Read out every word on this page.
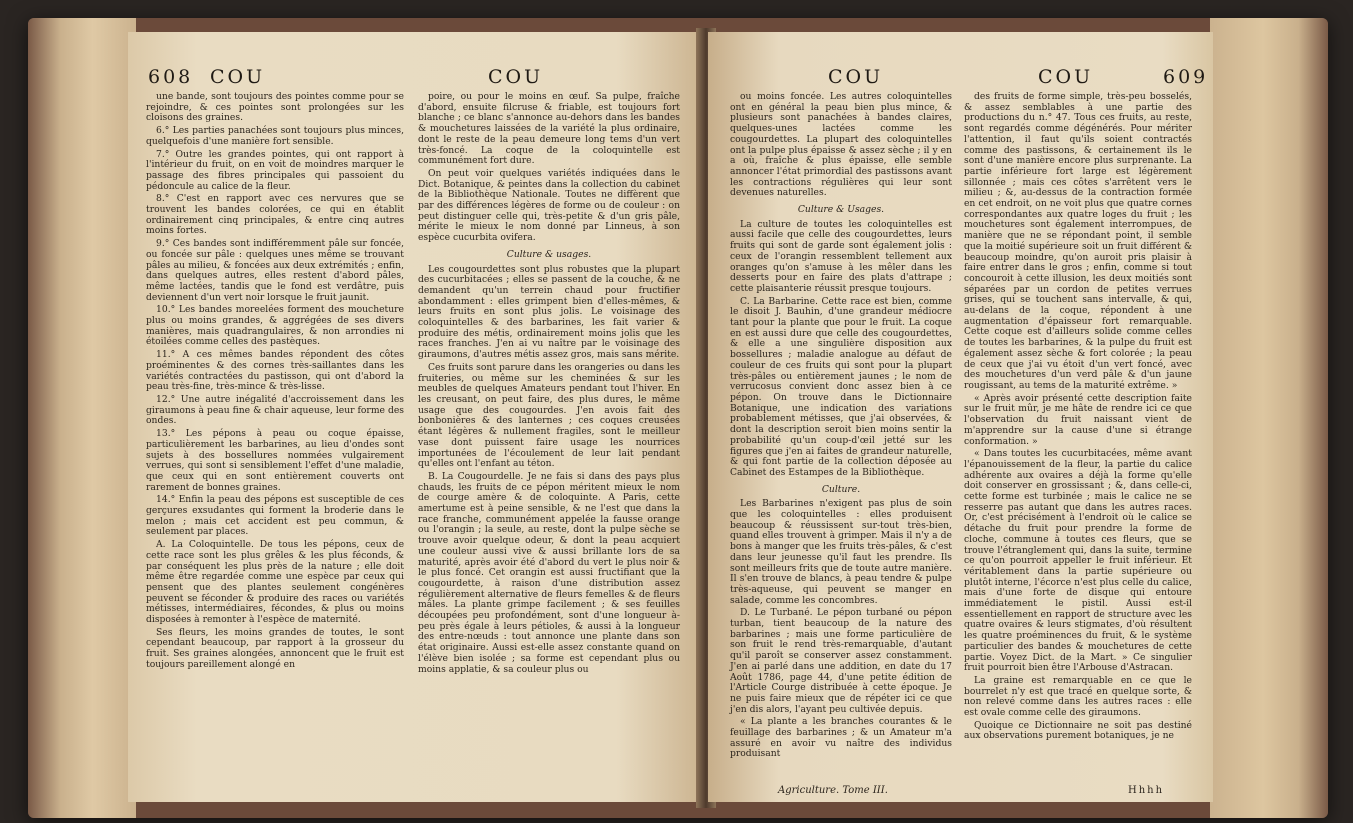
608 COU	COU

une bande, sont toujours des pointes comme pour se rejoindre, & ces pointes sont prolongées sur les cloisons des graines.

6.° Les parties panachées sont toujours plus minces, quelquefois d'une manière fort sensible.

7.° Outre les grandes pointes, qui ont rapport à l'intérieur du fruit, on en voit de moindres marquer le passage des fibres principales qui passoient du pédoncule au calice de la fleur.

8.° C'est en rapport avec ces nervures que se trouvent les bandes colorées, ce qui en établit ordinairement cinq principales, & entre cinq autres moins fortes.

9.° Ces bandes sont indifféremment pâle sur foncée, ou foncée sur pâle : quelques unes même se trouvant pâles au milieu, & foncées aux deux extrémités ; enfin, dans quelques autres, elles restent d'abord pâles, même lactées, tandis que le fond est verdâtre, puis deviennent d'un vert noir lorsque le fruit jaunit.

10.° Les bandes moreelées forment des moucheture plus ou moins grandes, & aggrégées de ses divers manières, mais quadrangulaires, & non arrondies ni étoilées comme celles des pastèques.

11.° A ces mêmes bandes répondent des côtes proéminentes & des cornes très-saillantes dans les variétés contractées du pastisson, qui ont d'abord la peau très-fine, très-mince & très-lisse.

12.° Une autre inégalité d'accroissement dans les giraumons à peau fine & chair aqueuse, leur forme des ondes.

13.° Les pépons à peau ou coque épaisse, particulièrement les barbarines, au lieu d'ondes sont sujets à des bossellures nommées vulgairement verrues, qui sont si sensiblement l'effet d'une maladie, que ceux qui en sont entièrement couverts ont rarement de bonnes graines.

14.° Enfin la peau des pépons est susceptible de ces gerçures exsudantes qui forment la broderie dans le melon ; mais cet accident est peu commun, & seulement par places.

A. La Coloquintelle. De tous les pépons, ceux de cette race sont les plus grêles & les plus féconds, & par conséquent les plus près de la nature ; elle doit même être regardée comme une espèce par ceux qui pensent que des plantes seulement congénères peuvent se féconder & produire des races ou variétés métisses, intermédiaires, fécondes, & plus ou moins disposées à remonter à l'espèce de maternité.

Ses fleurs, les moins grandes de toutes, le sont cependant beaucoup, par rapport à la grosseur du fruit. Ses graines alongées, annoncent que le fruit est toujours pareillement alongé en

poire, ou pour le moins en œuf. Sa pulpe, fraîche d'abord, ensuite filcruse & friable, est toujours fort blanche ; ce blanc s'annonce au-dehors dans les bandes & mouchetures laissées de la variété la plus ordinaire, dont le reste de la peau demeure long tems d'un vert très-foncé. La coque de la coloquintelle est communément fort dure.

On peut voir quelques variétés indiquées dans le Dict. Botanique, & peintes dans la collection du cabinet de la Bibliothèque Nationale. Toutes ne diffèrent que par des différences légères de forme ou de couleur : on peut distinguer celle qui, très-petite & d'un gris pâle, mérite le mieux le nom donné par Linneus, à son espèce cucurbita ovifera.

Culture & usages.

Les cougourdettes sont plus robustes que la plupart des cucurbitacées ; elles se passent de la couche, & ne demandent qu'un terrein chaud pour fructifier abondamment : elles grimpent bien d'elles-mêmes, & leurs fruits en sont plus jolis. Le voisinage des coloquintelles & des barbarines, les fait varier & produire des métis, ordinairement moins jolis que les races franches. J'en ai vu naître par le voisinage des giraumons, d'autres métis assez gros, mais sans mérite.

Ces fruits sont parure dans les orangeries ou dans les fruiteries, ou même sur les cheminées & sur les meubles de quelques Amateurs pendant tout l'hiver. En les creusant, on peut faire, des plus dures, le même usage que des cougourdes. J'en avois fait des bonbonières & des lanternes ; ces coques creusées étant légères & nullement fragiles, sont le meilleur vase dont puissent faire usage les nourrices importunées de l'écoulement de leur lait pendant qu'elles ont l'enfant au téton.

B. La Cougourdelle. Je ne fais si dans des pays plus chauds, les fruits de ce pépon méritent mieux le nom de courge amère & de coloquinte. A Paris, cette amertume est à peine sensible, & ne l'est que dans la race franche, communément appelée la fausse orange ou l'orangin ; la seule, au reste, dont la pulpe sèche se trouve avoir quelque odeur, & dont la peau acquiert une couleur aussi vive & aussi brillante lors de sa maturité, après avoir été d'abord du vert le plus noir & le plus foncé. Cet orangin est aussi fructifiant que la cougourdette, à raison d'une distribution assez régulièrement alternative de fleurs femelles & de fleurs mâles. La plante grimpe facilement ; & ses feuilles découpées peu profondément, sont d'une longueur à-peu près égale à leurs pétioles, & aussi à la longueur des entre-nœuds : tout annonce une plante dans son état originaire. Aussi est-elle assez constante quand on l'élève bien isolée ; sa forme est cependant plus ou moins applatie, & sa couleur plus ou

COU	COU	609

ou moins foncée. Les autres coloquintelles ont en général la peau bien plus mince, & plusieurs sont panachées à bandes claires, quelques-unes lactées comme les cougourdettes. La plupart des coloquintelles ont la pulpe plus épaisse & assez sèche ; il y en a où, fraîche & plus épaisse, elle semble annoncer l'état primordial des pastissons avant les contractions régulières qui leur sont devenues naturelles.

Culture & Usages.

La culture de toutes les coloquintelles est aussi facile que celle des cougourdettes, leurs fruits qui sont de garde sont également jolis : ceux de l'orangin ressemblent tellement aux oranges qu'on s'amuse à les mêler dans les desserts pour en faire des plats d'attrape ; cette plaisanterie réussit presque toujours.

C. La Barbarine. Cette race est bien, comme le disoit J. Bauhin, d'une grandeur médiocre tant pour la plante que pour le fruit. La coque en est aussi dure que celle des cougourdettes, & elle a une singulière disposition aux bossellures ; maladie analogue au défaut de couleur de ces fruits qui sont pour la plupart très-pâles ou entièrement jaunes ; le nom de verrucosus convient donc assez bien à ce pépon. On trouve dans le Dictionnaire Botanique, une indication des variations probablement métisses, que j'ai observées, & dont la description seroit bien moins sentir la probabilité qu'un coup-d'œil jetté sur les figures que j'en ai faites de grandeur naturelle, & qui font partie de la collection déposée au Cabinet des Estampes de la Bibliothèque.

Culture.

Les Barbarines n'exigent pas plus de soin que les coloquintelles : elles produisent beaucoup & réussissent sur-tout très-bien, quand elles trouvent à grimper. Mais il n'y a de bons à manger que les fruits très-pâles, & c'est dans leur jeunesse qu'il faut les prendre. Ils sont meilleurs frits que de toute autre manière. Il s'en trouve de blancs, à peau tendre & pulpe très-aqueuse, qui peuvent se manger en salade, comme les concombres.

D. Le Turbané. Le pépon turbané ou pépon turban, tient beaucoup de la nature des barbarines ; mais une forme particulière de son fruit le rend très-remarquable, d'autant qu'il paroît se conserver assez constamment. J'en ai parlé dans une addition, en date du 17 Août 1786, page 44, d'une petite édition de l'Article Courge distribuée à cette époque. Je ne puis faire mieux que de répéter ici ce que j'en dis alors, l'ayant peu cultivée depuis.

« La plante a les branches courantes & le feuillage des barbarines ; & un Amateur m'a assuré en avoir vu naître des individus produisant

des fruits de forme simple, très-peu bosselés, & assez semblables à une partie des productions du n.° 47. Tous ces fruits, au reste, sont regardés comme dégénérés. Pour mériter l'attention, il faut qu'ils soient contractés comme des pastissons, & certainement ils le sont d'une manière encore plus surprenante. La partie inférieure fort large est légèrement sillonnée ; mais ces côtes s'arrêtent vers le milieu ; &, au-dessus de la contraction formée en cet endroit, on ne voit plus que quatre cornes correspondantes aux quatre loges du fruit ; les mouchetures sont également interrompues, de manière que ne se répondant point, il semble que la moitié supérieure soit un fruit différent & beaucoup moindre, qu'on auroit pris plaisir à faire entrer dans le gros ; enfin, comme si tout concouroit à cette illusion, les deux moitiés sont séparées par un cordon de petites verrues grises, qui se touchent sans intervalle, & qui, au-delans de la coque, répondent à une augmentation d'épaisseur fort remarquable. Cette coque est d'ailleurs solide comme celles de toutes les barbarines, & la pulpe du fruit est également assez sèche & fort colorée ; la peau de ceux que j'ai vu étoit d'un vert foncé, avec des mouchetures d'un verd pâle & d'un jaune rougissant, au tems de la maturité extrême. »

« Après avoir présenté cette description faite sur le fruit mûr, je me hâte de rendre ici ce que l'observation du fruit naissant vient de m'apprendre sur la cause d'une si étrange conformation. »

« Dans toutes les cucurbitacées, même avant l'épanouissement de la fleur, la partie du calice adhérente aux ovaires a déjà la forme qu'elle doit conserver en grossissant ; &, dans celle-ci, cette forme est turbinée ; mais le calice ne se resserre pas autant que dans les autres races. Or, c'est précisément à l'endroit où le calice se détache du fruit pour prendre la forme de cloche, commune à toutes ces fleurs, que se trouve l'étranglement qui, dans la suite, termine ce qu'on pourroit appeller le fruit inférieur. Et véritablement dans la partie supérieure ou plutôt interne, l'écorce n'est plus celle du calice, mais d'une forte de disque qui entoure immédiatement le pistil. Aussi est-il essentiellement en rapport de structure avec les quatre ovaires & leurs stigmates, d'où résultent les quatre proéminences du fruit, & le système particulier des bandes & mouchetures de cette partie. Voyez Dict. de la Mart. » Ce singulier fruit pourroit bien être l'Arbouse d'Astracan.

La graine est remarquable en ce que le bourrelet n'y est que tracé en quelque sorte, & non relevé comme dans les autres races : elle est ovale comme celle des giraumons.

Quoique ce Dictionnaire ne soit pas destiné aux observations purement botaniques, je ne

Agriculture. Tome III.	Hhhh
